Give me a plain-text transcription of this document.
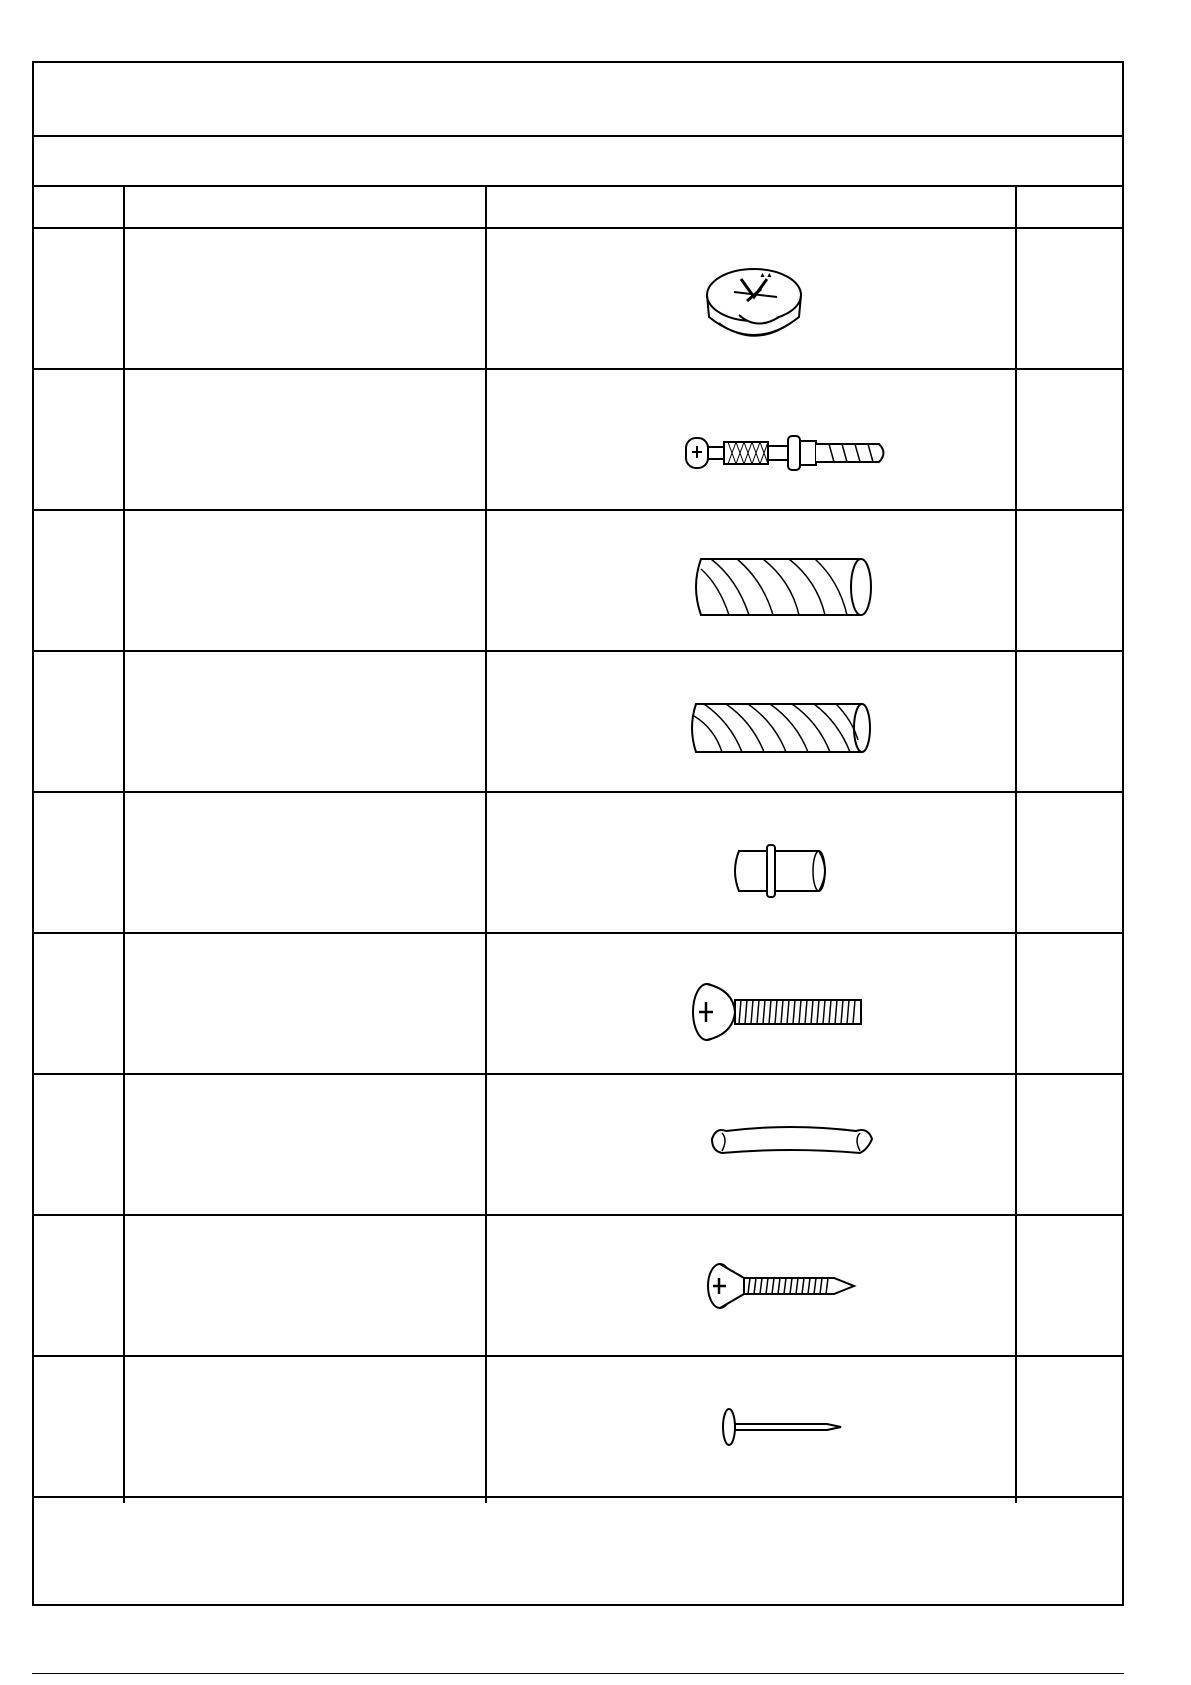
▲▲
